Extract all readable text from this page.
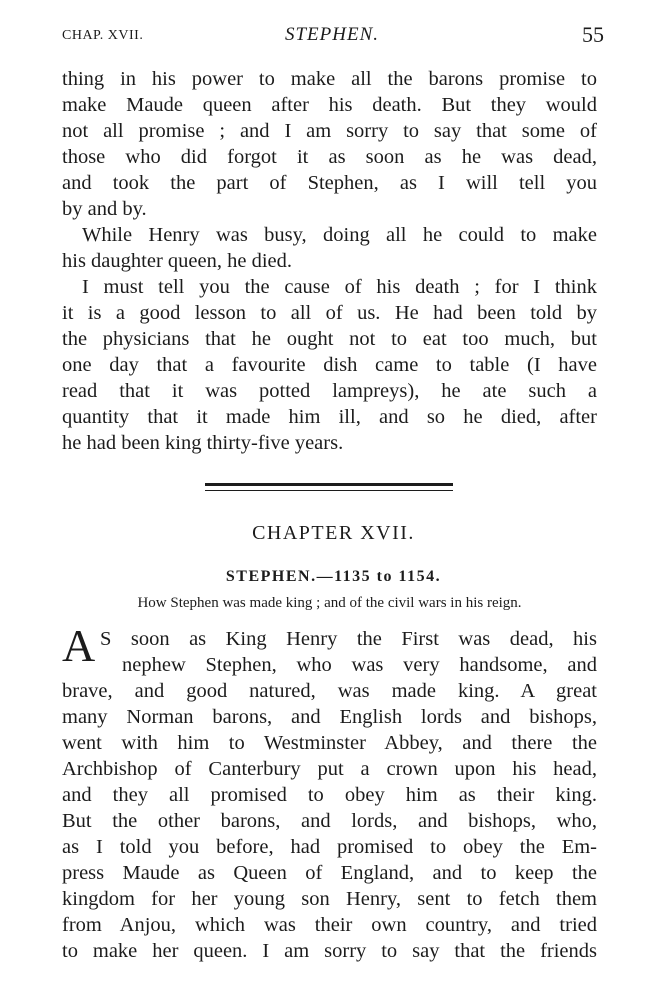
CHAP. XVII.	STEPHEN.	55
thing in his power to make all the barons promise to
make Maude queen after his death. But they would
not all promise ; and I am sorry to say that some of
those who did forgot it as soon as he was dead,
and took the part of Stephen, as I will tell you
by and by.
While Henry was busy, doing all he could to make
his daughter queen, he died.
I must tell you the cause of his death ; for I think
it is a good lesson to all of us. He had been told by
the physicians that he ought not to eat too much, but
one day that a favourite dish came to table (I have
read that it was potted lampreys), he ate such a
quantity that it made him ill, and so he died, after
he had been king thirty-five years.
CHAPTER XVII.
STEPHEN.—1135 to 1154.
How Stephen was made king ; and of the civil wars in his reign.
A S soon as King Henry the First was dead, his
nephew Stephen, who was very handsome, and
brave, and good natured, was made king. A great
many Norman barons, and English lords and bishops,
went with him to Westminster Abbey, and there the
Archbishop of Canterbury put a crown upon his head,
and they all promised to obey him as their king.
But the other barons, and lords, and bishops, who,
as I told you before, had promised to obey the Em-
press Maude as Queen of England, and to keep the
kingdom for her young son Henry, sent to fetch them
from Anjou, which was their own country, and tried
to make her queen. I am sorry to say that the friends
